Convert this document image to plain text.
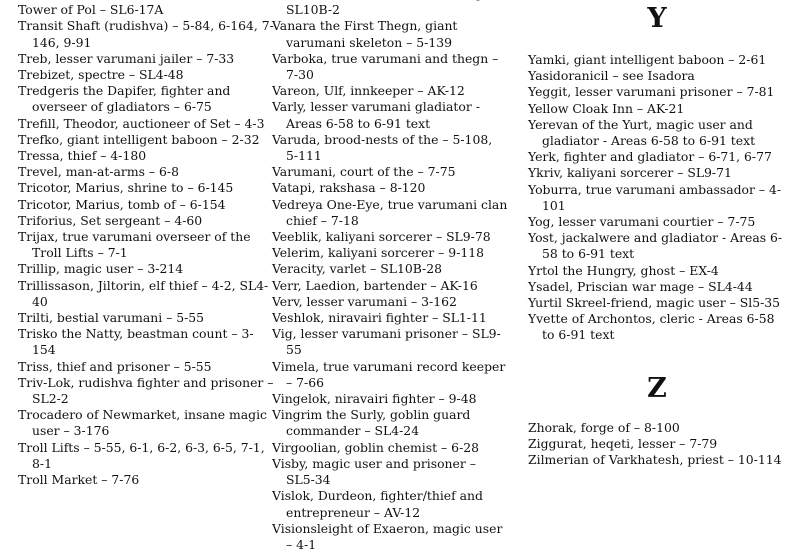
Tower of Pol – SL6-17A
Transit Shaft (rudishva) – 5-84, 6-164, 7-146, 9-91
Treb, lesser varumani jailer – 7-33
Trebizet, spectre – SL4-48
Tredgeris the Dapifer, fighter and overseer of gladiators – 6-75
Trefill, Theodor, auctioneer of Set – 4-3
Trefko, giant intelligent baboon – 2-32
Tressa, thief – 4-180
Trevel, man-at-arms – 6-8
Tricotor, Marius, shrine to – 6-145
Tricotor, Marius, tomb of – 6-154
Triforius, Set sergeant – 4-60
Trijax, true varumani overseer of the Troll Lifts – 7-1
Trillip, magic user – 3-214
Trillissason, Jiltorin, elf thief – 4-2, SL4-40
Trilti, bestial varumani – 5-55
Trisko the Natty, beastman count – 3-154
Triss, thief and prisoner – 5-55
Triv-Lok, rudishva fighter and prisoner – SL2-2
Trocadero of Newmarket, insane magic user – 3-176
Troll Lifts – 5-55, 6-1, 6-2, 6-3, 6-5, 7-1, 8-1
Troll Market – 7-76
SL10B-2
Vanara the First Thegn, giant varumani skeleton – 5-139
Varboka, true varumani and thegn – 7-30
Vareon, Ulf, innkeeper – AK-12
Varly, lesser varumani gladiator - Areas 6-58 to 6-91 text
Varuda, brood-nests of the – 5-108, 5-111
Varumani, court of the – 7-75
Vatapi, rakshasa – 8-120
Vedreya One-Eye, true varumani clan chief – 7-18
Veeblik, kaliyani sorcerer – SL9-78
Velerim, kaliyani sorcerer – 9-118
Veracity, varlet – SL10B-28
Verr, Laedion, bartender – AK-16
Verv, lesser varumani – 3-162
Veshlok, niravairi fighter – SL1-11
Vig, lesser varumani prisoner – SL9-55
Vimela, true varumani record keeper – 7-66
Vingelok, niravairi fighter – 9-48
Vingrim the Surly, goblin guard commander – SL4-24
Virgoolian, goblin chemist – 6-28
Visby, magic user and prisoner – SL5-34
Vislok, Durdeon, fighter/thief and entrepreneur – AV-12
Visionsleight of Exaeron, magic user – 4-1
Y
Yamki, giant intelligent baboon – 2-61
Yasidoranicil – see Isadora
Yeggit, lesser varumani prisoner – 7-81
Yellow Cloak Inn – AK-21
Yerevan of the Yurt, magic user and gladiator - Areas 6-58 to 6-91 text
Yerk, fighter and gladiator – 6-71, 6-77
Ykriv, kaliyani sorcerer – SL9-71
Yoburra, true varumani ambassador – 4-101
Yog, lesser varumani courtier – 7-75
Yost, jackalwere and gladiator - Areas 6-58 to 6-91 text
Yrtol the Hungry, ghost – EX-4
Ysadel, Priscian war mage – SL4-44
Yurtil Skreel-friend, magic user – Sl5-35
Yvette of Archontos, cleric - Areas 6-58 to 6-91 text
Z
Zhorak, forge of – 8-100
Ziggurat, heqeti, lesser – 7-79
Zilmerian of Varkhatesh, priest – 10-114
